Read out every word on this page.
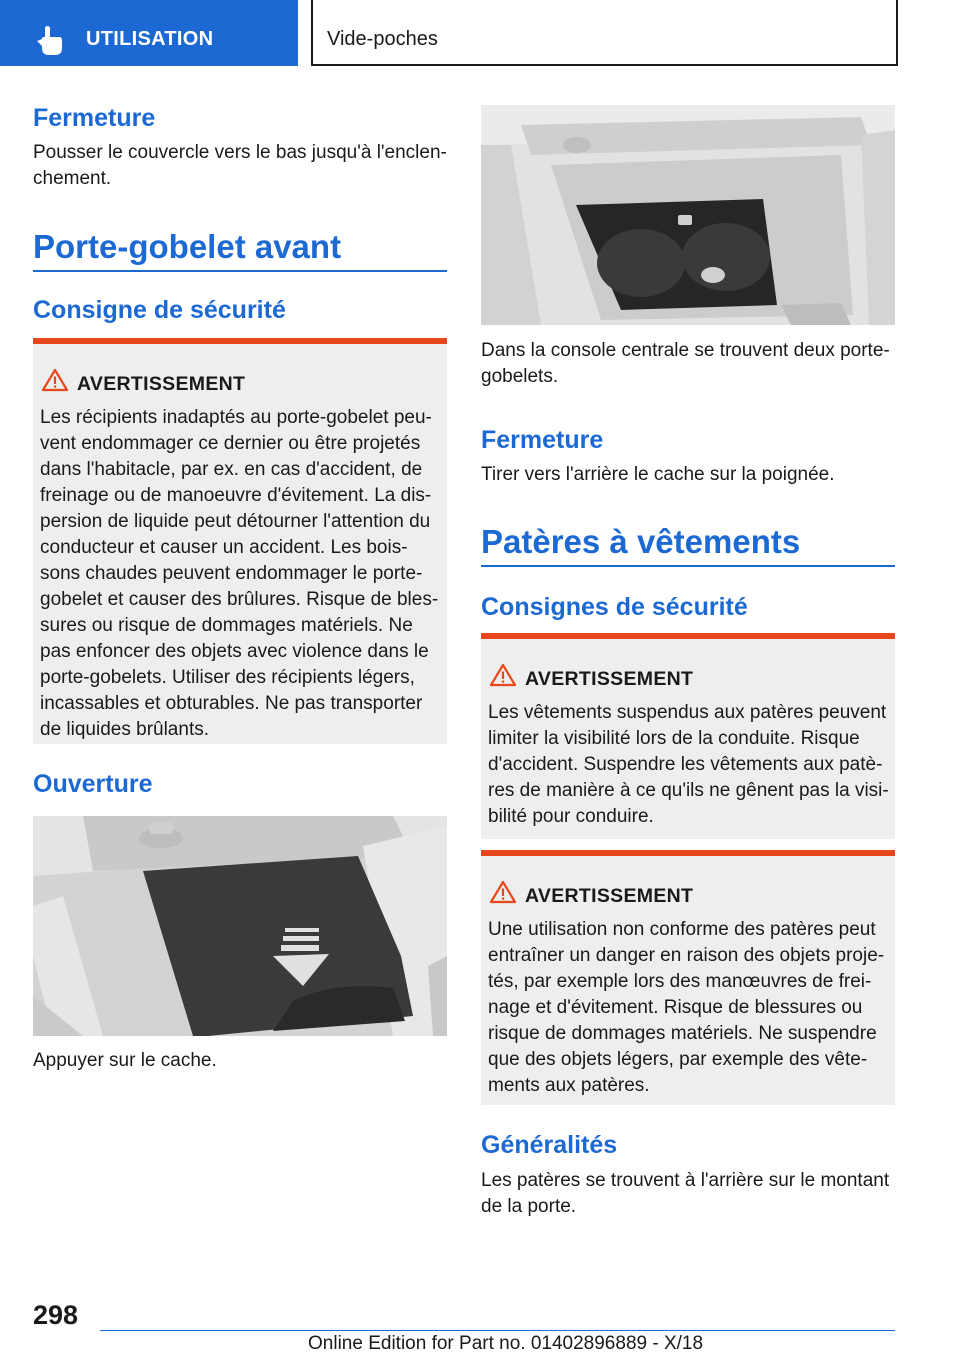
UTILISATION	Vide-poches
Fermeture
Pousser le couvercle vers le bas jusqu'à l'enclen-
chement.
Porte-gobelet avant
Consigne de sécurité
AVERTISSEMENT
Les récipients inadaptés au porte-gobelet peu-
vent endommager ce dernier ou être projetés
dans l'habitacle, par ex. en cas d'accident, de
freinage ou de manoeuvre d'évitement. La dis-
persion de liquide peut détourner l'attention du
conducteur et causer un accident. Les bois-
sons chaudes peuvent endommager le porte-
gobelet et causer des brûlures. Risque de bles-
sures ou risque de dommages matériels. Ne
pas enfoncer des objets avec violence dans le
porte-gobelets. Utiliser des récipients légers,
incassables et obturables. Ne pas transporter
de liquides brûlants.
Ouverture
Appuyer sur le cache.
Dans la console centrale se trouvent deux porte-
gobelets.
Fermeture
Tirer vers l'arrière le cache sur la poignée.
Patères à vêtements
Consignes de sécurité
AVERTISSEMENT
Les vêtements suspendus aux patères peuvent
limiter la visibilité lors de la conduite. Risque
d'accident. Suspendre les vêtements aux patè-
res de manière à ce qu'ils ne gênent pas la visi-
bilité pour conduire.
AVERTISSEMENT
Une utilisation non conforme des patères peut
entraîner un danger en raison des objets proje-
tés, par exemple lors des manœuvres de frei-
nage et d'évitement. Risque de blessures ou
risque de dommages matériels. Ne suspendre
que des objets légers, par exemple des vête-
ments aux patères.
Généralités
Les patères se trouvent à l'arrière sur le montant
de la porte.
298
Online Edition for Part no. 01402896889 - X/18
